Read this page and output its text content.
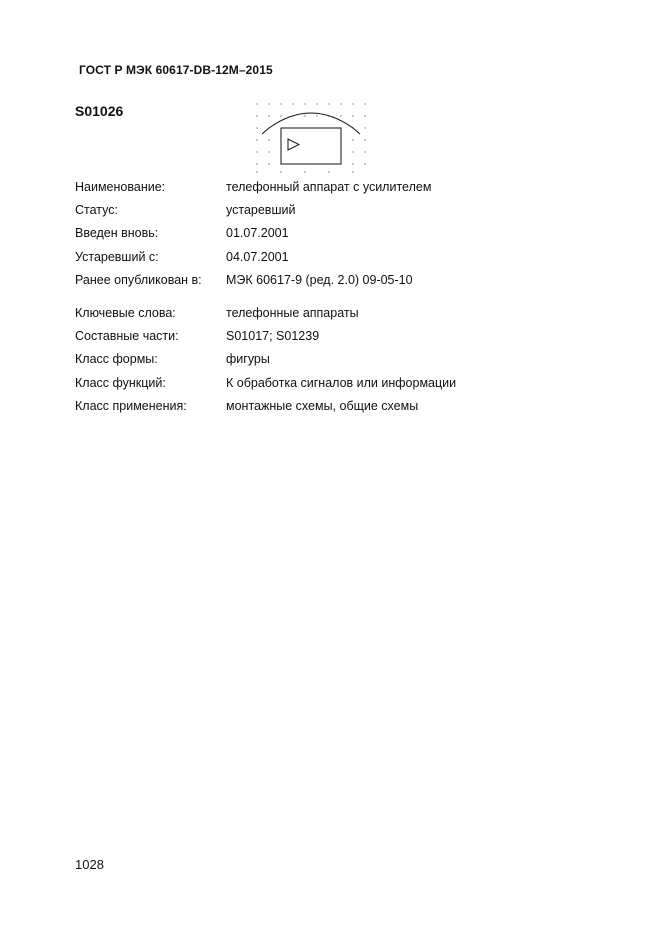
ГОСТ Р МЭК 60617-DB-12M–2015
S01026
Наименование:	телефонный аппарат с усилителем
Статус:	устаревший
Введен вновь:	01.07.2001
Устаревший с:	04.07.2001
Ранее опубликован в: МЭК 60617-9 (ред. 2.0) 09-05-10
Ключевые слова:	телефонные аппараты
Составные части:	S01017; S01239
Класс формы:	фигуры
Класс функций:	К обработка сигналов или информации
Класс применения:	монтажные схемы, общие схемы
1028
